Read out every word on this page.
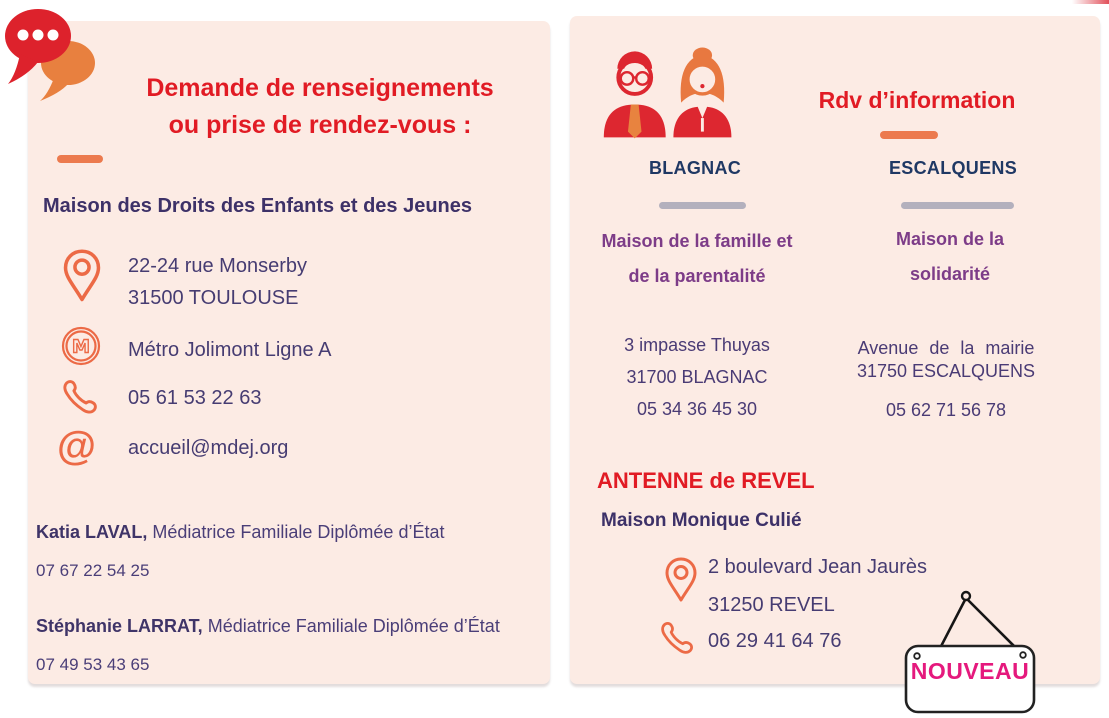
Demande de renseignements
ou prise de rendez-vous :
Maison des Droits des Enfants et des Jeunes
22-24 rue Monserby
31500 TOULOUSE
M Métro Jolimont Ligne A
05 61 53 22 63
@ accueil@mdej.org
Katia LAVAL, Médiatrice Familiale Diplômée d’État
07 67 22 54 25
Stéphanie LARRAT, Médiatrice Familiale Diplômée d’État
07 49 53 43 65
Rdv d’information
BLAGNAC	ESCALQUENS
Maison de la famille et
de la parentalité
Maison de la
solidarité
3 impasse Thuyas
31700 BLAGNAC
05 34 36 45 30
Avenue de la mairie
31750 ESCALQUENS
05 62 71 56 78
ANTENNE de REVEL
Maison Monique Culié
2 boulevard Jean Jaurès
31250 REVEL
06 29 41 64 76
NOUVEAU
